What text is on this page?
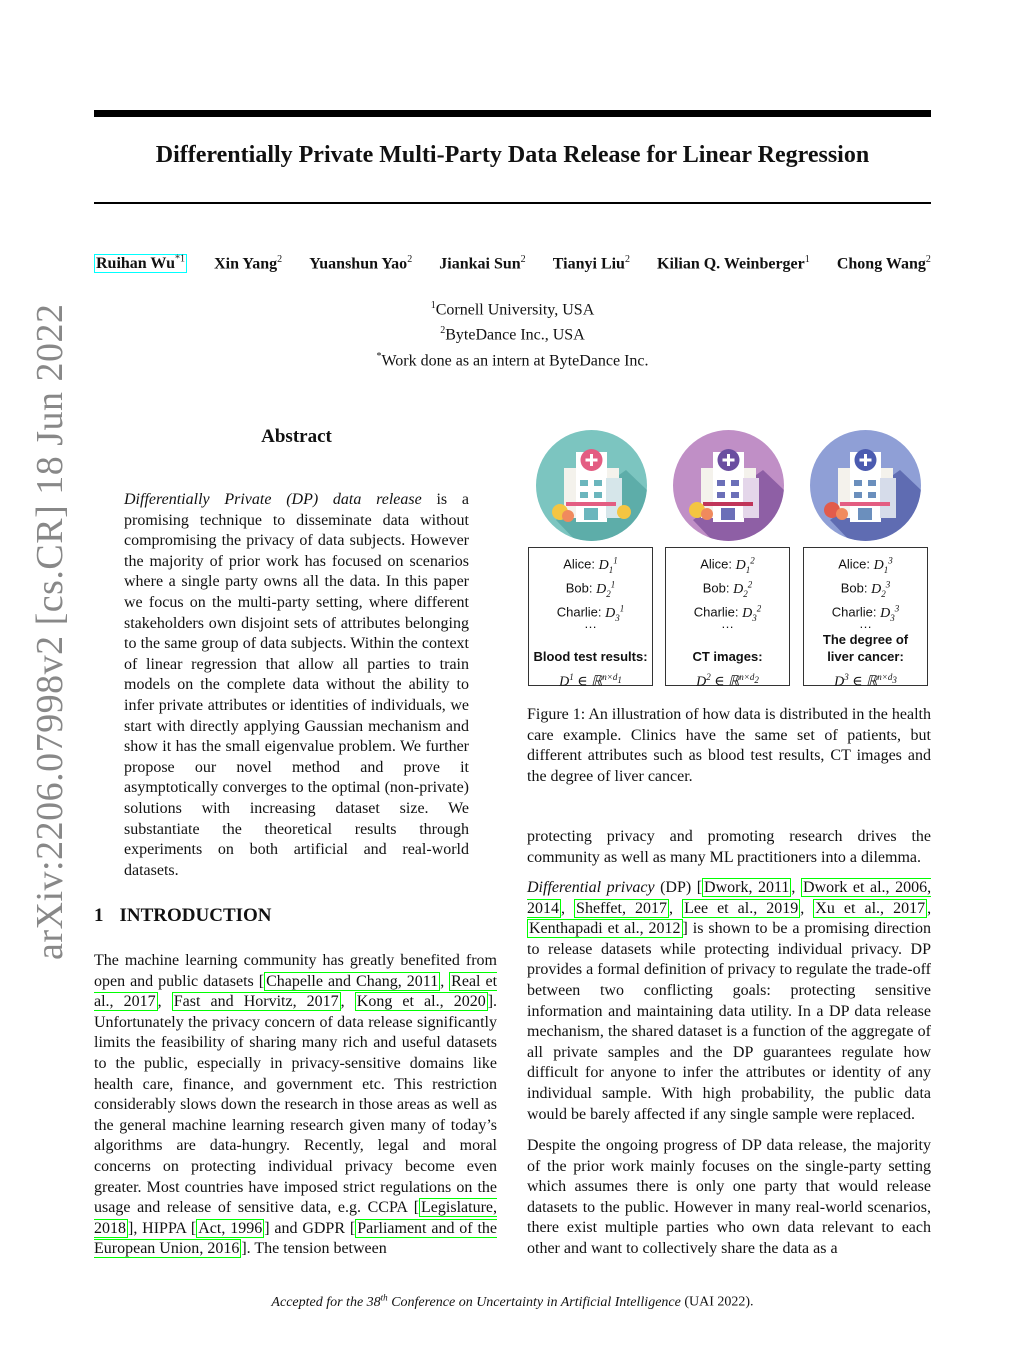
Differentially Private Multi-Party Data Release for Linear Regression
Ruihan Wu$^{*1}$ Xin Yang$^2$ Yuanshun Yao$^2$ Jiankai Sun$^2$ Tianyi Liu$^2$ Kilian Q. Weinberger$^1$ Chong Wang$^2$
$^1$Cornell University, USA
$^2$ByteDance Inc., USA
*Work done as an intern at ByteDance Inc.
arXiv:2206.07998v2 [cs.CR] 18 Jun 2022	Abstract
Differentially Private (DP) data release is a promising technique to disseminate data without compromising the privacy of data subjects. However the majority of prior work has focused on scenarios where a single party owns all the data. In this paper we focus on the multi-party setting, where different stakeholders own disjoint sets of attributes belonging to the same group of data subjects. Within the context of linear regression that allow all parties to train models on the complete data without the ability to infer private attributes or identities of individuals, we start with directly applying Gaussian mechanism and show it has the small eigenvalue problem. We further propose our novel method and prove it asymptotically converges to the optimal (non-private) solutions with increasing dataset size. We substantiate the theoretical results through experiments on both artificial and real-world datasets.
1 INTRODUCTION
The machine learning community has greatly benefited from open and public datasets [ Chapelle and Chang, 2011 , Real et al., 2017 , Fast and Horvitz, 2017 , Kong et al., 2020 ]. Unfortunately the privacy concern of data release significantly limits the feasibility of sharing many rich and useful datasets to the public, especially in privacy-sensitive domains like health care, finance, and government etc. This restriction considerably slows down the research in those areas as well as the general machine learning research given many of today’s algorithms are data-hungry. Recently, legal and moral concerns on protecting individual privacy become even greater. Most countries have imposed strict regulations on the usage and release of sensitive data, e.g. CCPA [ Legislature, 2018 ], HIPPA [ Act, 1996 ] and GDPR [ Parliament and of the European Union, 2016 ]. The tension between
Alice: $D_1^1$
Bob: $D_2^1$
Charlie: $D_3^1$
…
Blood test results:
$D^1$ ∈ ℝ$^{n\times d_1}$
Alice: $D_1^2$
Bob: $D_2^2$
Charlie: $D_3^2$
…
CT images:
$D^2$ ∈ ℝ$^{n\times d_2}$
Alice: $D_1^3$
Bob: $D_2^3$
Charlie: $D_3^3$
…
The degree of
liver cancer:
$D^3$ ∈ ℝ$^{n\times d_3}$
Figure 1: An illustration of how data is distributed in the health care example. Clinics have the same set of patients, but different attributes such as blood test results, CT images and the degree of liver cancer.
protecting privacy and promoting research drives the community as well as many ML practitioners into a dilemma.
Differential privacy (DP) [ Dwork, 2011 , Dwork et al., 2006, 2014 , Sheffet, 2017 , Lee et al., 2019 , Xu et al., 2017 , Kenthapadi et al., 2012 ] is shown to be a promising direction to release datasets while protecting individual privacy. DP provides a formal definition of privacy to regulate the trade-off between two conflicting goals: protecting sensitive information and maintaining data utility. In a DP data release mechanism, the shared dataset is a function of the aggregate of all private samples and the DP guarantees regulate how difficult for anyone to infer the attributes or identity of any individual sample. With high probability, the public data would be barely affected if any single sample were replaced.
Despite the ongoing progress of DP data release, the majority of the prior work mainly focuses on the single-party setting which assumes there is only one party that would release datasets to the public. However in many real-world scenarios, there exist multiple parties who own data relevant to each other and want to collectively share the data as a
Accepted for the 38th Conference on Uncertainty in Artificial Intelligence (UAI 2022).
